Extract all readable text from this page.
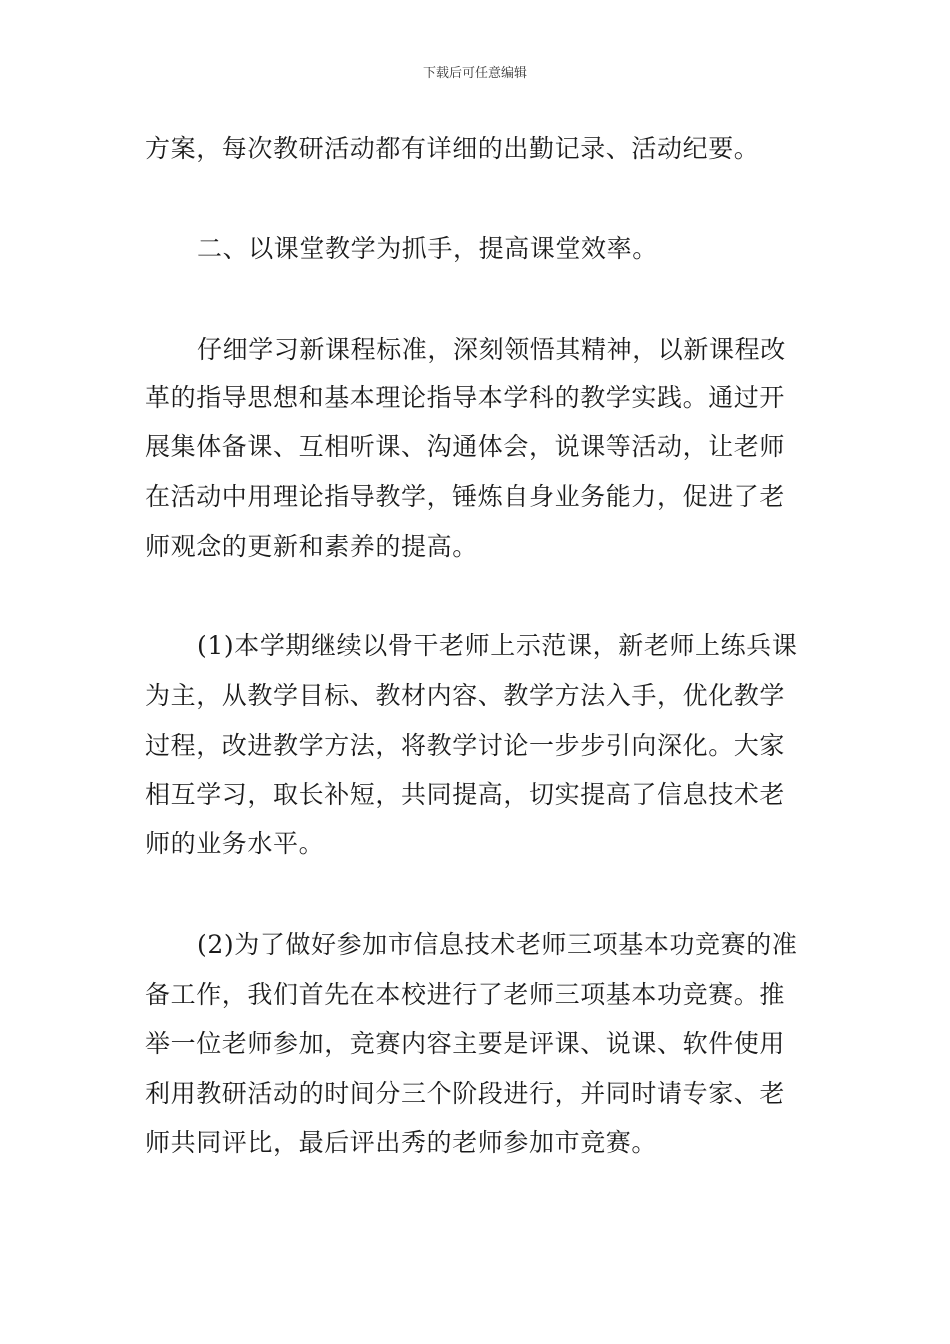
下载后可任意编辑
方案，每次教研活动都有详细的出勤记录、活动纪要。
二、以课堂教学为抓手，提高课堂效率。
仔细学习新课程标准，深刻领悟其精神，以新课程改
革的指导思想和基本理论指导本学科的教学实践。通过开
展集体备课、互相听课、沟通体会，说课等活动，让老师
在活动中用理论指导教学，锤炼自身业务能力，促进了老
师观念的更新和素养的提高。
(1)本学期继续以骨干老师上示范课，新老师上练兵课
为主，从教学目标、教材内容、教学方法入手，优化教学
过程，改进教学方法，将教学讨论一步步引向深化。大家
相互学习，取长补短，共同提高，切实提高了信息技术老
师的业务水平。
(2)为了做好参加市信息技术老师三项基本功竞赛的准
备工作，我们首先在本校进行了老师三项基本功竞赛。推
举一位老师参加，竞赛内容主要是评课、说课、软件使用
利用教研活动的时间分三个阶段进行，并同时请专家、老
师共同评比，最后评出秀的老师参加市竞赛。
